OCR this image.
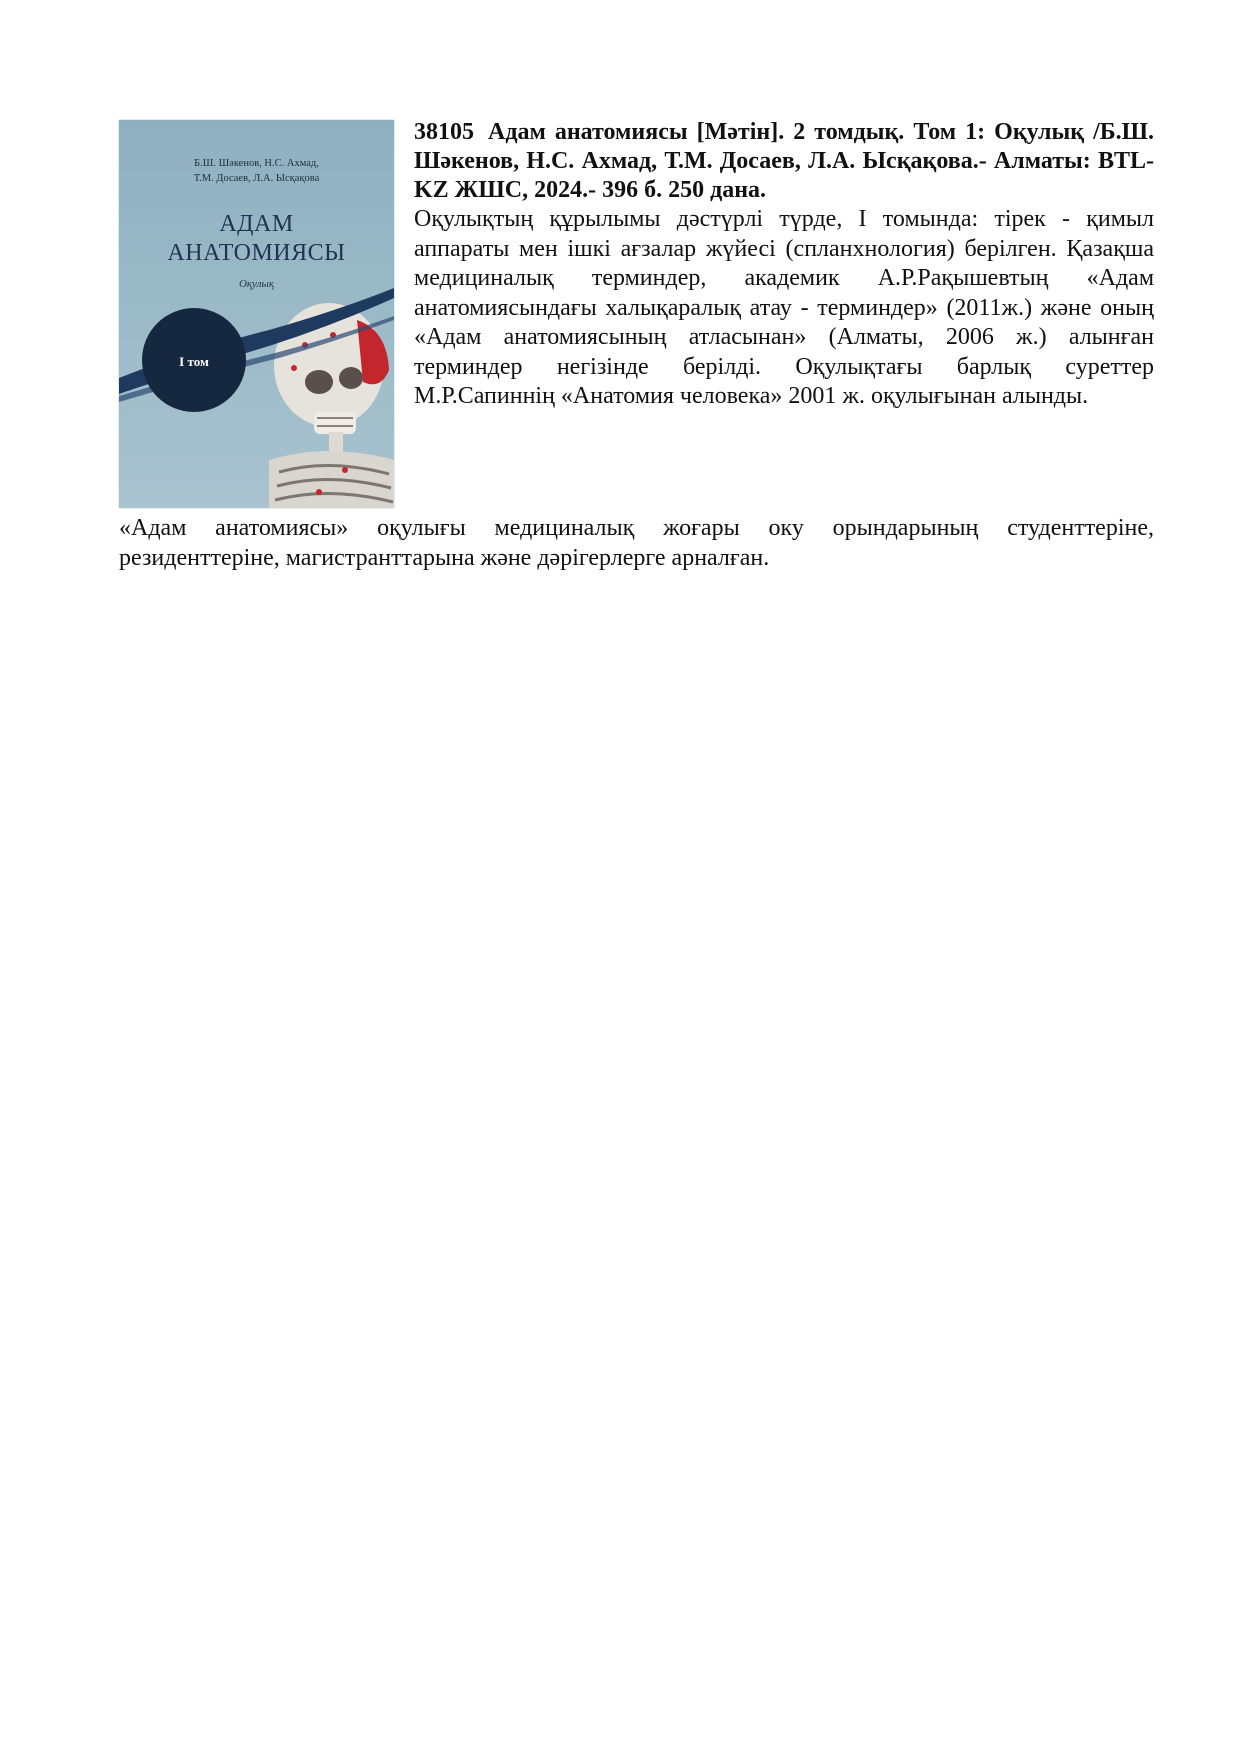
Б.Ш. Шәкенов, Н.С. Ахмад,
Т.М. Досаев, Л.А. Ысқақова
АДАМ
АНАТОМИЯСЫ
Оқулық
I том

38105 Адам анатомиясы [Мәтін]. 2 томдық. Том 1: Оқулық /Б.Ш. Шәкенов, Н.С. Ахмад, Т.М. Досаев, Л.А. Ысқақова.- Алматы: BTL-KZ ЖШС, 2024.- 396 б. 250 дана.

Оқулықтың құрылымы дәстүрлі түрде, І томында: тірек - қимыл аппараты мен ішкі ағзалар жүйесі (спланхнология) берілген. Қазақша медициналық терминдер, академик А.Р.Рақышевтың «Адам анатомиясындағы халықаралық атау - терминдер» (2011ж.) және оның «Адам анатомиясының атласынан» (Алматы, 2006 ж.) алынған терминдер негізінде берілді. Оқулықтағы барлық суреттер М.Р.Сапиннің «Анатомия человека» 2001 ж. оқулығынан алынды.

«Адам анатомиясы» оқулығы медициналық жоғары оку орындарының студенттеріне, резиденттеріне, магистранттарына және дәрігерлерге арналған.
